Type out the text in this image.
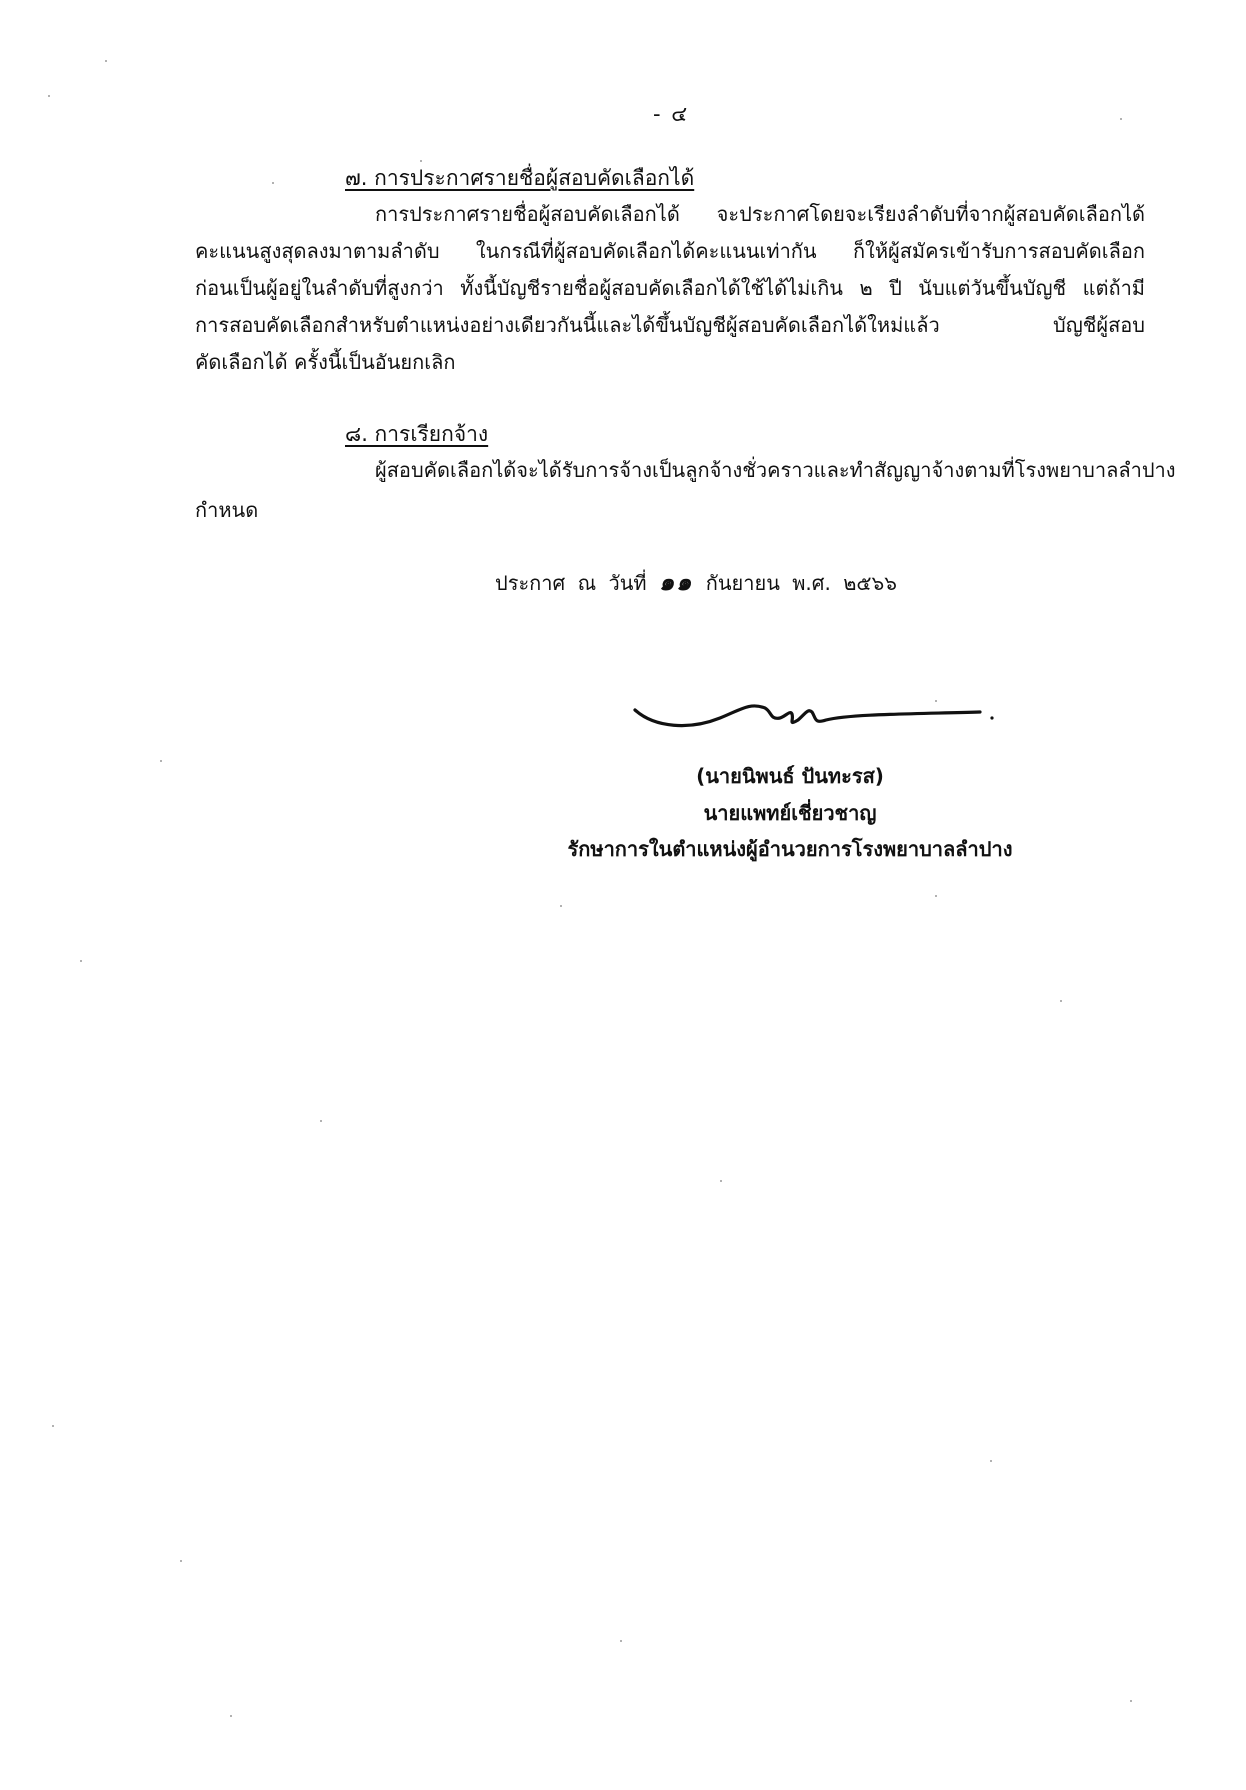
- ๔
๗. การประกาศรายชื่อผู้สอบคัดเลือกได้
การประกาศรายชื่อผู้สอบคัดเลือกได้ จะประกาศโดยจะเรียงลำดับที่จากผู้สอบคัดเลือกได้
คะแนนสูงสุดลงมาตามลำดับ ในกรณีที่ผู้สอบคัดเลือกได้คะแนนเท่ากัน ก็ให้ผู้สมัครเข้ารับการสอบคัดเลือก
ก่อนเป็นผู้อยู่ในลำดับที่สูงกว่า ทั้งนี้บัญชีรายชื่อผู้สอบคัดเลือกได้ใช้ได้ไม่เกิน ๒ ปี นับแต่วันขึ้นบัญชี แต่ถ้ามี
การสอบคัดเลือกสำหรับตำแหน่งอย่างเดียวกันนี้และได้ขึ้นบัญชีผู้สอบคัดเลือกได้ใหม่แล้ว บัญชีผู้สอบ
คัดเลือกได้ ครั้งนี้เป็นอันยกเลิก
๘. การเรียกจ้าง
ผู้สอบคัดเลือกได้จะได้รับการจ้างเป็นลูกจ้างชั่วคราวและทำสัญญาจ้างตามที่โรงพยาบาลลำปาง
กำหนด
ประกาศ ณ วันที่ ๑๑ กันยายน พ.ศ. ๒๕๖๖
(นายนิพนธ์ ปันทะรส)
นายแพทย์เชี่ยวชาญ
รักษาการในตำแหน่งผู้อำนวยการโรงพยาบาลลำปาง
